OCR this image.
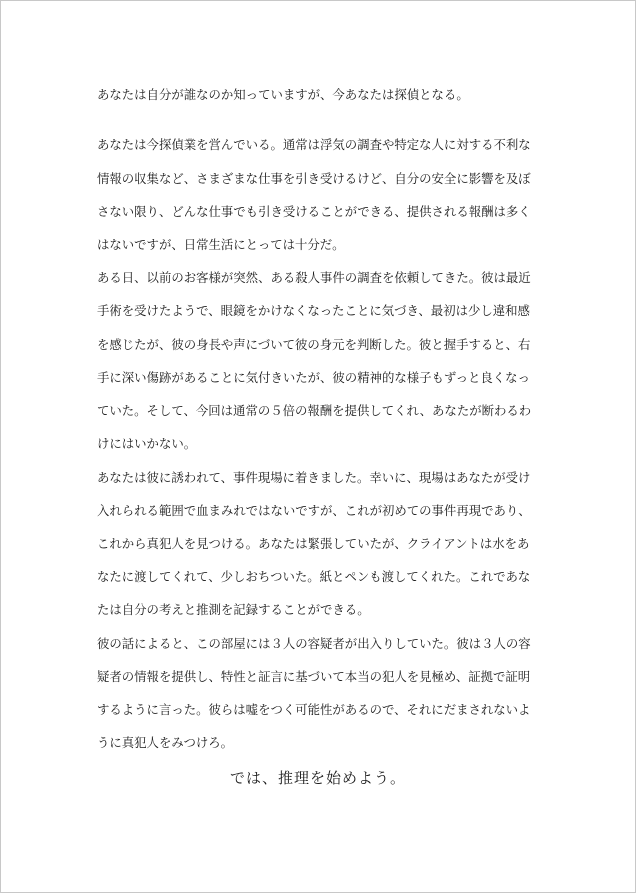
あなたは自分が誰なのか知っていますが、今あなたは探偵となる。
あなたは今探偵業を営んでいる。通常は浮気の調査や特定な人に対する不利な
情報の収集など、さまざまな仕事を引き受けるけど、自分の安全に影響を及ぼ
さない限り、どんな仕事でも引き受けることができる、提供される報酬は多く
はないですが、日常生活にとっては十分だ。
ある日、以前のお客様が突然、ある殺人事件の調査を依頼してきた。彼は最近
手術を受けたようで、眼鏡をかけなくなったことに気づき、最初は少し違和感
を感じたが、彼の身長や声にづいて彼の身元を判断した。彼と握手すると、右
手に深い傷跡があることに気付きいたが、彼の精神的な様子もずっと良くなっ
ていた。そして、今回は通常の５倍の報酬を提供してくれ、あなたが断わるわ
けにはいかない。
あなたは彼に誘われて、事件現場に着きました。幸いに、現場はあなたが受け
入れられる範囲で血まみれではないですが、これが初めての事件再現であり、
これから真犯人を見つける。あなたは緊張していたが、クライアントは水をあ
なたに渡してくれて、少しおちついた。紙とペンも渡してくれた。これであな
たは自分の考えと推測を記録することができる。
彼の話によると、この部屋には３人の容疑者が出入りしていた。彼は３人の容
疑者の情報を提供し、特性と証言に基づいて本当の犯人を見極め、証拠で証明
するように言った。彼らは嘘をつく可能性があるので、それにだまされないよ
うに真犯人をみつけろ。
では、推理を始めよう。
